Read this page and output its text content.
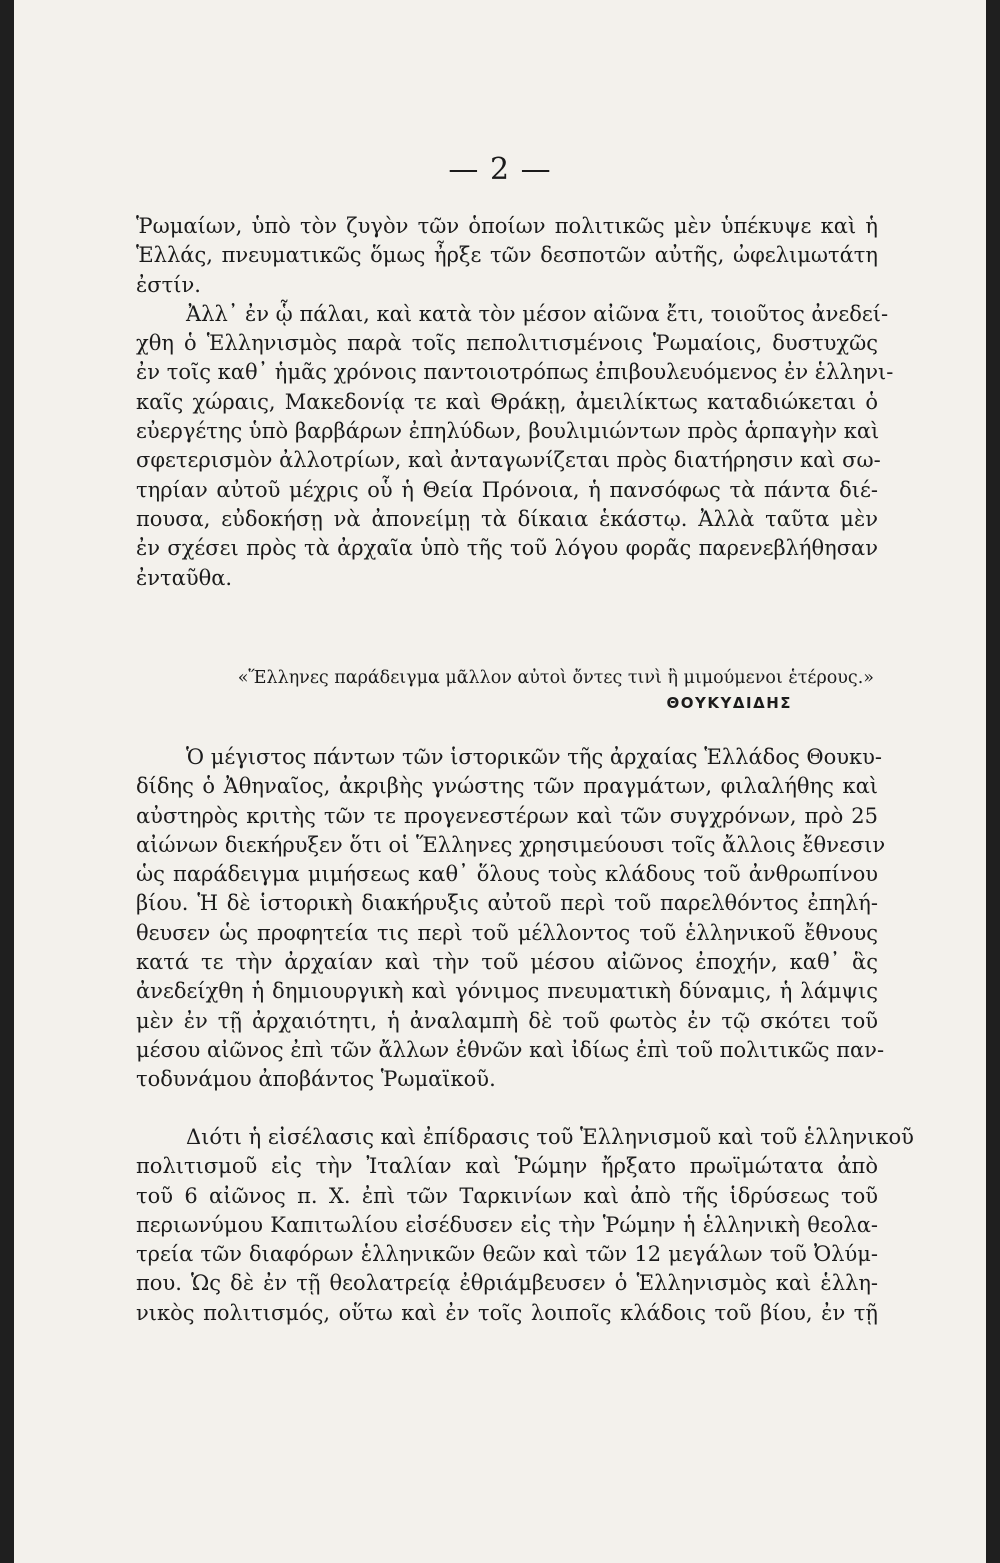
— 2 —
Ῥωμαίων, ὑπὸ τὸν ζυγὸν τῶν ὁποίων πολιτικῶς μὲν ὑπέκυψε καὶ ἡ
Ἑλλάς, πνευματικῶς ὅμως ἦρξε τῶν δεσποτῶν αὐτῆς, ὠφελιμωτάτη
ἐστίν.
Ἀλλ᾿ ἐν ᾧ πάλαι, καὶ κατὰ τὸν μέσον αἰῶνα ἔτι, τοιοῦτος ἀνεδεί-
χθη ὁ Ἑλληνισμὸς παρὰ τοῖς πεπολιτισμένοις Ῥωμαίοις, δυστυχῶς
ἐν τοῖς καθ᾿ ἡμᾶς χρόνοις παντοιοτρόπως ἐπιβουλευόμενος ἐν ἑλληνι-
καῖς χώραις, Μακεδονίᾳ τε καὶ Θράκῃ, ἀμειλίκτως καταδιώκεται ὁ
εὐεργέτης ὑπὸ βαρβάρων ἐπηλύδων, βουλιμιώντων πρὸς ἁρπαγὴν καὶ
σφετερισμὸν ἀλλοτρίων, καὶ ἀνταγωνίζεται πρὸς διατήρησιν καὶ σω-
τηρίαν αὐτοῦ μέχρις οὗ ἡ Θεία Πρόνοια, ἡ πανσόφως τὰ πάντα διέ-
πουσα, εὐδοκήσῃ νὰ ἀπονείμῃ τὰ δίκαια ἑκάστῳ. Ἀλλὰ ταῦτα μὲν
ἐν σχέσει πρὸς τὰ ἀρχαῖα ὑπὸ τῆς τοῦ λόγου φορᾶς παρενεβλήθησαν
ἐνταῦθα.
«Ἕλληνες παράδειγμα μᾶλλον αὐτοὶ ὄντες τινὶ ἢ μιμούμενοι ἑτέρους.»
ΘΟΥΚΥΔΙΔΗΣ
Ὁ μέγιστος πάντων τῶν ἱστορικῶν τῆς ἀρχαίας Ἑλλάδος Θουκυ-
δίδης ὁ Ἀθηναῖος, ἀκριβὴς γνώστης τῶν πραγμάτων, φιλαλήθης καὶ
αὐστηρὸς κριτὴς τῶν τε προγενεστέρων καὶ τῶν συγχρόνων, πρὸ 25
αἰώνων διεκήρυξεν ὅτι οἱ Ἕλληνες χρησιμεύουσι τοῖς ἄλλοις ἔθνεσιν
ὡς παράδειγμα μιμήσεως καθ᾿ ὅλους τοὺς κλάδους τοῦ ἀνθρωπίνου
βίου. Ἡ δὲ ἱστορικὴ διακήρυξις αὐτοῦ περὶ τοῦ παρελθόντος ἐπηλή-
θευσεν ὡς προφητεία τις περὶ τοῦ μέλλοντος τοῦ ἑλληνικοῦ ἔθνους
κατά τε τὴν ἀρχαίαν καὶ τὴν τοῦ μέσου αἰῶνος ἐποχήν, καθ᾿ ἃς
ἀνεδείχθη ἡ δημιουργικὴ καὶ γόνιμος πνευματικὴ δύναμις, ἡ λάμψις
μὲν ἐν τῇ ἀρχαιότητι, ἡ ἀναλαμπὴ δὲ τοῦ φωτὸς ἐν τῷ σκότει τοῦ
μέσου αἰῶνος ἐπὶ τῶν ἄλλων ἐθνῶν καὶ ἰδίως ἐπὶ τοῦ πολιτικῶς παν-
τοδυνάμου ἀποβάντος Ῥωμαϊκοῦ.
Διότι ἡ εἰσέλασις καὶ ἐπίδρασις τοῦ Ἑλληνισμοῦ καὶ τοῦ ἑλληνικοῦ
πολιτισμοῦ εἰς τὴν Ἰταλίαν καὶ Ῥώμην ἤρξατο πρωϊμώτατα ἀπὸ
τοῦ 6 αἰῶνος π. Χ. ἐπὶ τῶν Ταρκινίων καὶ ἀπὸ τῆς ἱδρύσεως τοῦ
περιωνύμου Καπιτωλίου εἰσέδυσεν εἰς τὴν Ῥώμην ἡ ἑλληνικὴ θεολα-
τρεία τῶν διαφόρων ἑλληνικῶν θεῶν καὶ τῶν 12 μεγάλων τοῦ Ὀλύμ-
που. Ὡς δὲ ἐν τῇ θεολατρείᾳ ἐθριάμβευσεν ὁ Ἑλληνισμὸς καὶ ἑλλη-
νικὸς πολιτισμός, οὕτω καὶ ἐν τοῖς λοιποῖς κλάδοις τοῦ βίου, ἐν τῇ
